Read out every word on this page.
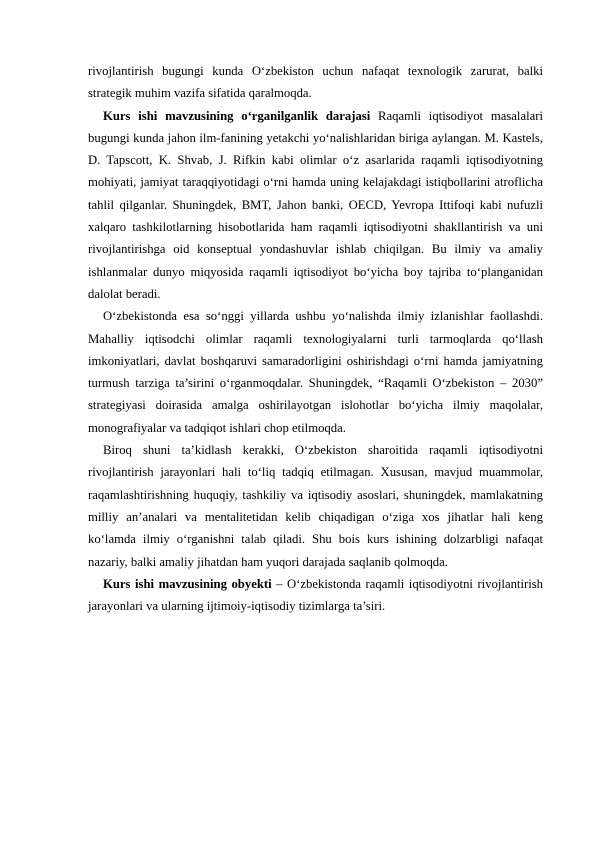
rivojlantirish bugungi kunda O‘zbekiston uchun nafaqat texnologik zarurat, balki strategik muhim vazifa sifatida qaralmoqda.

Kurs ishi mavzusining o‘rganilganlik darajasi Raqamli iqtisodiyot masalalari bugungi kunda jahon ilm-fanining yetakchi yo‘nalishlaridan biriga aylangan. M. Kastels, D. Tapscott, K. Shvab, J. Rifkin kabi olimlar o‘z asarlarida raqamli iqtisodiyotning mohiyati, jamiyat taraqqiyotidagi o‘rni hamda uning kelajakdagi istiqbollarini atroflicha tahlil qilganlar. Shuningdek, BMT, Jahon banki, OECD, Yevropa Ittifoqi kabi nufuzli xalqaro tashkilotlarning hisobotlarida ham raqamli iqtisodiyotni shakllantirish va uni rivojlantirishga oid konseptual yondashuvlar ishlab chiqilgan. Bu ilmiy va amaliy ishlanmalar dunyo miqyosida raqamli iqtisodiyot bo‘yicha boy tajriba to‘planganidan dalolat beradi.

O‘zbekistonda esa so‘nggi yillarda ushbu yo‘nalishda ilmiy izlanishlar faollashdi. Mahalliy iqtisodchi olimlar raqamli texnologiyalarni turli tarmoqlarda qo‘llash imkoniyatlari, davlat boshqaruvi samaradorligini oshirishdagi o‘rni hamda jamiyatning turmush tarziga ta’sirini o‘rganmoqdalar. Shuningdek, “Raqamli O‘zbekiston – 2030” strategiyasi doirasida amalga oshirilayotgan islohotlar bo‘yicha ilmiy maqolalar, monografiyalar va tadqiqot ishlari chop etilmoqda.

Biroq shuni ta’kidlash kerakki, O‘zbekiston sharoitida raqamli iqtisodiyotni rivojlantirish jarayonlari hali to‘liq tadqiq etilmagan. Xususan, mavjud muammolar, raqamlashtirishning huquqiy, tashkiliy va iqtisodiy asoslari, shuningdek, mamlakatning milliy an’analari va mentalitetidan kelib chiqadigan o‘ziga xos jihatlar hali keng ko‘lamda ilmiy o‘rganishni talab qiladi. Shu bois kurs ishining dolzarbligi nafaqat nazariy, balki amaliy jihatdan ham yuqori darajada saqlanib qolmoqda.

Kurs ishi mavzusining obyekti – O‘zbekistonda raqamli iqtisodiyotni rivojlantirish jarayonlari va ularning ijtimoiy-iqtisodiy tizimlarga ta’siri.
